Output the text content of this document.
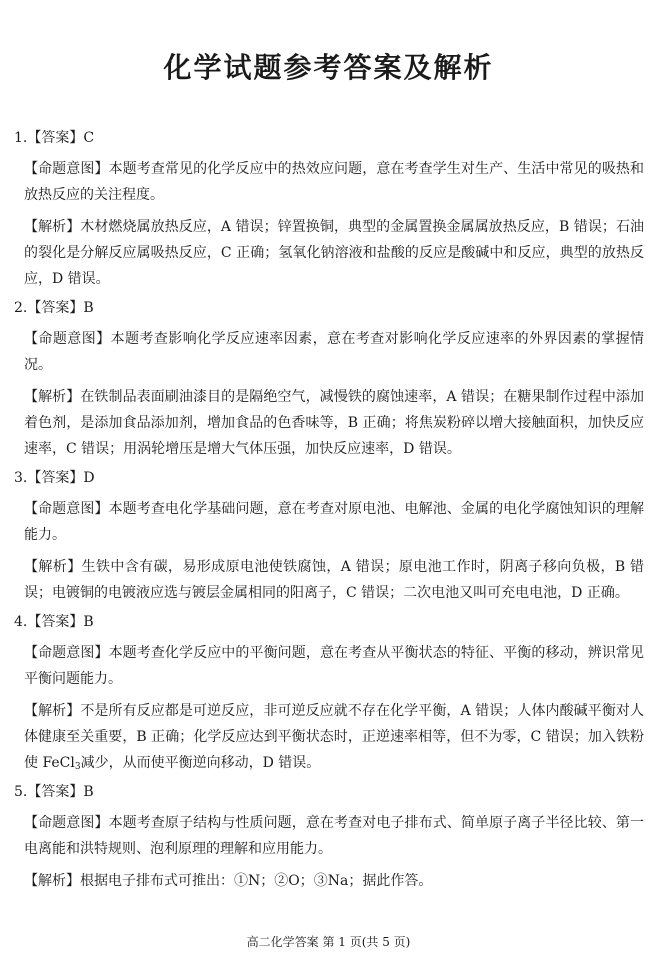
化学试题参考答案及解析
1.【答案】C
【命题意图】本题考查常见的化学反应中的热效应问题，意在考查学生对生产、生活中常见的吸热和放热反应的关注程度。
【解析】木材燃烧属放热反应，A 错误；锌置换铜，典型的金属置换金属属放热反应，B 错误；石油的裂化是分解反应属吸热反应，C 正确；氢氧化钠溶液和盐酸的反应是酸碱中和反应，典型的放热反应，D 错误。
2.【答案】B
【命题意图】本题考查影响化学反应速率因素，意在考查对影响化学反应速率的外界因素的掌握情况。
【解析】在铁制品表面刷油漆目的是隔绝空气，减慢铁的腐蚀速率，A 错误；在糖果制作过程中添加着色剂，是添加食品添加剂，增加食品的色香味等，B 正确；将焦炭粉碎以增大接触面积，加快反应速率，C 错误；用涡轮增压是增大气体压强，加快反应速率，D 错误。
3.【答案】D
【命题意图】本题考查电化学基础问题，意在考查对原电池、电解池、金属的电化学腐蚀知识的理解能力。
【解析】生铁中含有碳，易形成原电池使铁腐蚀，A 错误；原电池工作时，阴离子移向负极，B 错误；电镀铜的电镀液应选与镀层金属相同的阳离子，C 错误；二次电池又叫可充电电池，D 正确。
4.【答案】B
【命题意图】本题考查化学反应中的平衡问题，意在考查从平衡状态的特征、平衡的移动，辨识常见平衡问题能力。
【解析】不是所有反应都是可逆反应，非可逆反应就不存在化学平衡，A 错误；人体内酸碱平衡对人体健康至关重要，B 正确；化学反应达到平衡状态时，正逆速率相等，但不为零，C 错误；加入铁粉使 FeCl$_3$减少，从而使平衡逆向移动，D 错误。
5.【答案】B
【命题意图】本题考查原子结构与性质问题，意在考查对电子排布式、简单原子离子半径比较、第一电离能和洪特规则、泡利原理的理解和应用能力。
【解析】根据电子排布式可推出：①N；②O；③Na；据此作答。
高二化学答案 第 1 页(共 5 页)
